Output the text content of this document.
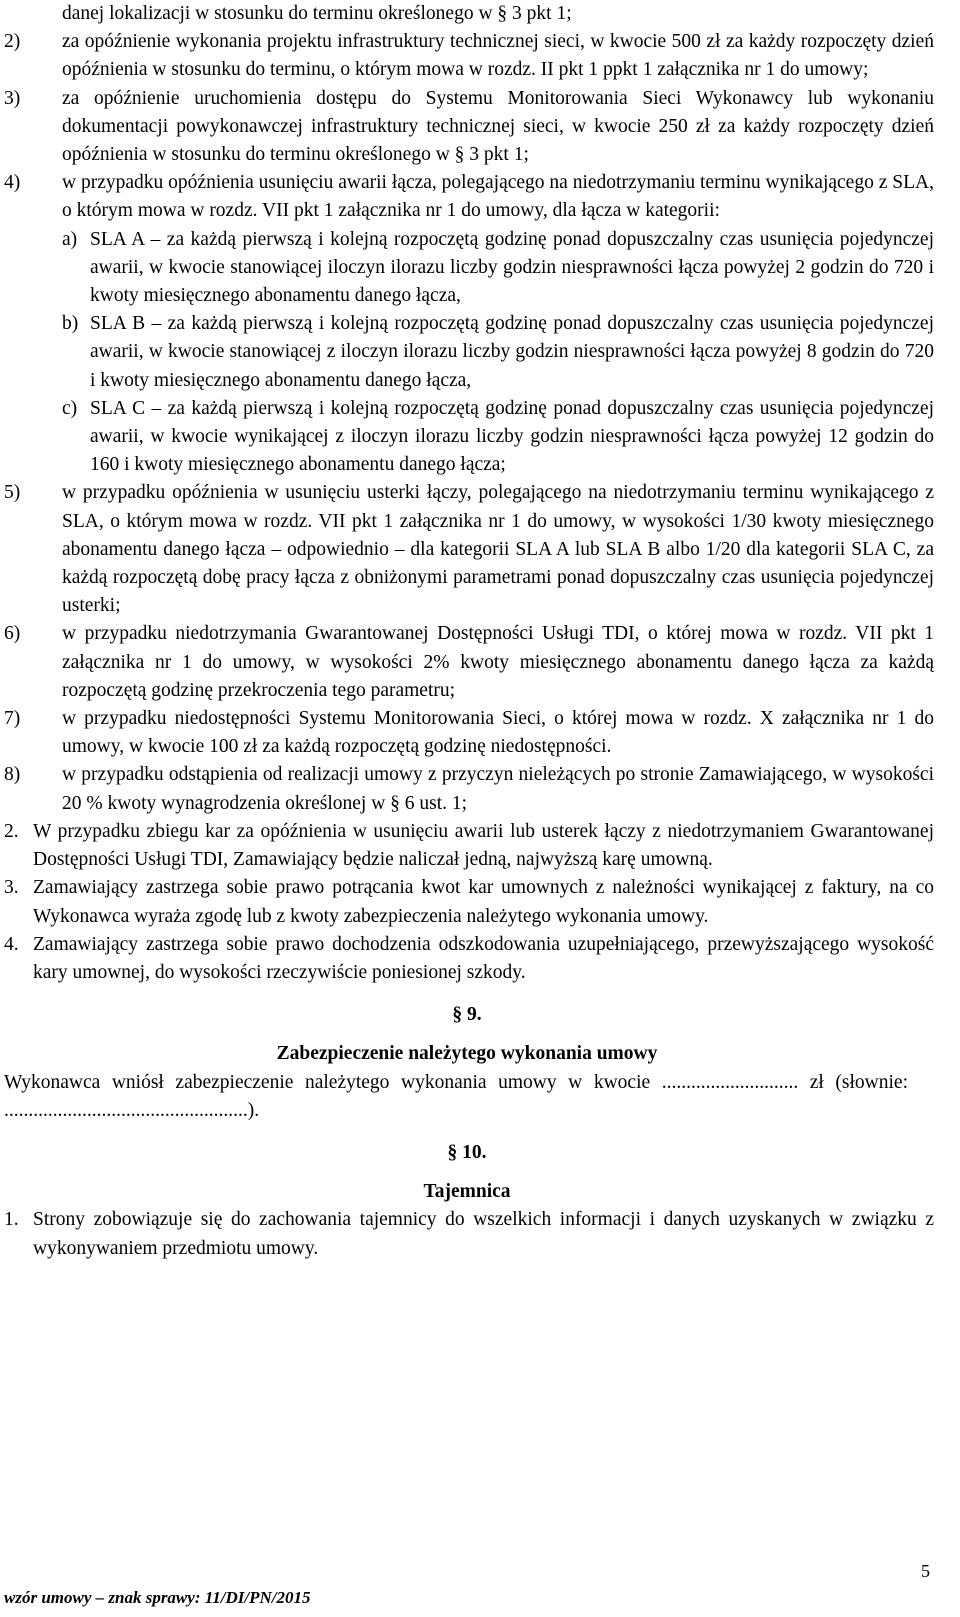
danej lokalizacji w stosunku do terminu określonego w § 3 pkt 1;
2) za opóźnienie wykonania projektu infrastruktury technicznej sieci, w kwocie 500 zł za każdy rozpoczęty dzień opóźnienia w stosunku do terminu, o którym mowa w rozdz. II pkt 1 ppkt 1 załącznika nr 1 do umowy;
3) za opóźnienie uruchomienia dostępu do Systemu Monitorowania Sieci Wykonawcy lub wykonaniu dokumentacji powykonawczej infrastruktury technicznej sieci, w kwocie 250 zł za każdy rozpoczęty dzień opóźnienia w stosunku do terminu określonego w § 3 pkt 1;
4) w przypadku opóźnienia usunięciu awarii łącza, polegającego na niedotrzymaniu terminu wynikającego z SLA, o którym mowa w rozdz. VII pkt 1 załącznika nr 1 do umowy, dla łącza w kategorii:
a) SLA A – za każdą pierwszą i kolejną rozpoczętą godzinę ponad dopuszczalny czas usunięcia pojedynczej awarii, w kwocie stanowiącej iloczyn ilorazu liczby godzin niesprawności łącza powyżej 2 godzin do 720 i kwoty miesięcznego abonamentu danego łącza,
b) SLA B – za każdą pierwszą i kolejną rozpoczętą godzinę ponad dopuszczalny czas usunięcia pojedynczej awarii, w kwocie stanowiącej z iloczyn ilorazu liczby godzin niesprawności łącza powyżej 8 godzin do 720 i kwoty miesięcznego abonamentu danego łącza,
c) SLA C – za każdą pierwszą i kolejną rozpoczętą godzinę ponad dopuszczalny czas usunięcia pojedynczej awarii, w kwocie wynikającej z iloczyn ilorazu liczby godzin niesprawności łącza powyżej 12 godzin do 160 i kwoty miesięcznego abonamentu danego łącza;
5) w przypadku opóźnienia w usunięciu usterki łączy, polegającego na niedotrzymaniu terminu wynikającego z SLA, o którym mowa w rozdz. VII pkt 1 załącznika nr 1 do umowy, w wysokości 1/30 kwoty miesięcznego abonamentu danego łącza – odpowiednio – dla kategorii SLA A lub SLA B albo 1/20 dla kategorii SLA C, za każdą rozpoczętą dobę pracy łącza z obniżonymi parametrami ponad dopuszczalny czas usunięcia pojedynczej usterki;
6) w przypadku niedotrzymania Gwarantowanej Dostępności Usługi TDI, o której mowa w rozdz. VII pkt 1 załącznika nr 1 do umowy, w wysokości 2% kwoty miesięcznego abonamentu danego łącza za każdą rozpoczętą godzinę przekroczenia tego parametru;
7) w przypadku niedostępności Systemu Monitorowania Sieci, o której mowa w rozdz. X załącznika nr 1 do umowy, w kwocie 100 zł za każdą rozpoczętą godzinę niedostępności.
8) w przypadku odstąpienia od realizacji umowy z przyczyn nieleżących po stronie Zamawiającego, w wysokości 20 % kwoty wynagrodzenia określonej w § 6 ust. 1;
2. W przypadku zbiegu kar za opóźnienia w usunięciu awarii lub usterek łączy z niedotrzymaniem Gwarantowanej Dostępności Usługi TDI, Zamawiający będzie naliczał jedną, najwyższą karę umowną.
3. Zamawiający zastrzega sobie prawo potrącania kwot kar umownych z należności wynikającej z faktury, na co Wykonawca wyraża zgodę lub z kwoty zabezpieczenia należytego wykonania umowy.
4. Zamawiający zastrzega sobie prawo dochodzenia odszkodowania uzupełniającego, przewyższającego wysokość kary umownej, do wysokości rzeczywiście poniesionej szkody.
§ 9.
Zabezpieczenie należytego wykonania umowy
Wykonawca wniósł zabezpieczenie należytego wykonania umowy w kwocie ............................ zł (słownie: ..................................................).
§ 10.
Tajemnica
1. Strony zobowiązuje się do zachowania tajemnicy do wszelkich informacji i danych uzyskanych w związku z wykonywaniem przedmiotu umowy.
5
wzór umowy – znak sprawy: 11/DI/PN/2015
